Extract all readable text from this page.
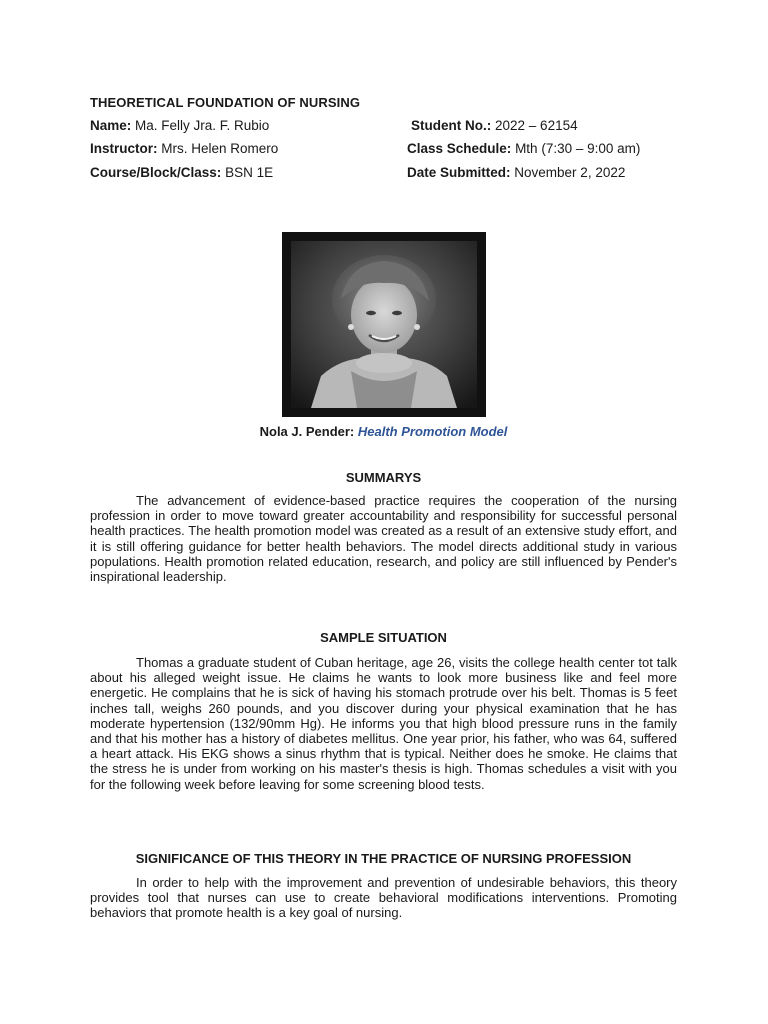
THEORETICAL FOUNDATION OF NURSING
Name: Ma. Felly Jra. F. Rubio	Student No.: 2022 – 62154
Instructor: Mrs. Helen Romero	Class Schedule: Mth (7:30 – 9:00 am)
Course/Block/Class: BSN 1E	Date Submitted: November 2, 2022
Nola J. Pender: Health Promotion Model
SUMMARYS

The advancement of evidence-based practice requires the cooperation of the nursing profession in order to move toward greater accountability and responsibility for successful personal health practices. The health promotion model was created as a result of an extensive study effort, and it is still offering guidance for better health behaviors. The model directs additional study in various populations. Health promotion related education, research, and policy are still influenced by Pender's inspirational leadership.

SAMPLE SITUATION

Thomas a graduate student of Cuban heritage, age 26, visits the college health center tot talk about his alleged weight issue. He claims he wants to look more business like and feel more energetic. He complains that he is sick of having his stomach protrude over his belt. Thomas is 5 feet inches tall, weighs 260 pounds, and you discover during your physical examination that he has moderate hypertension (132/90mm Hg). He informs you that high blood pressure runs in the family and that his mother has a history of diabetes mellitus. One year prior, his father, who was 64, suffered a heart attack. His EKG shows a sinus rhythm that is typical. Neither does he smoke. He claims that the stress he is under from working on his master's thesis is high. Thomas schedules a visit with you for the following week before leaving for some screening blood tests.

SIGNIFICANCE OF THIS THEORY IN THE PRACTICE OF NURSING PROFESSION

In order to help with the improvement and prevention of undesirable behaviors, this theory provides tool that nurses can use to create behavioral modifications interventions. Promoting behaviors that promote health is a key goal of nursing.
